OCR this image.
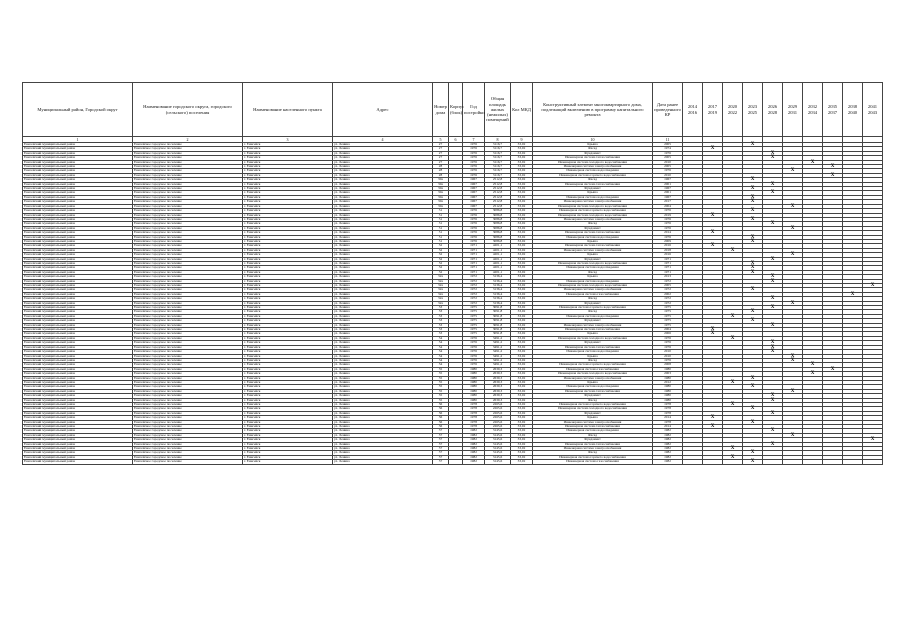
Муниципальный район, Городской округ	Наименование городского округа, городского (сельского) поселения	Наименование населенного пункта	Адрес	Номер дома	Корпус (блок)	Год постройки	Общая площадь жилых (нежилых) помещений	Кол МКД	Конструктивный элемент многоквартирного дома, подлежащий включению в программу капитального ремонта	Дата ранее проведенного КР	2014 2016	2017 2019	2020 2022	2023 2025	2026 2028	2029 2031	2032 2034	2035 2037	2038 2040	2041 2043
1	2	3	4	5	6	7	8	9	10	11										
Енисейский муниципальный район	Енисейское городское поселение	г. Енисейск	ул. Ленина	27		1976	3116,7	33,02	Крыша	2005				X						
Енисейский муниципальный район	Енисейское городское поселение	г. Енисейск	ул. Ленина	27		1976	3116,7	33,02	Фасад	1974		X								
Енисейский муниципальный район	Енисейское городское поселение	г. Енисейск	ул. Ленина	27		1976	3116,7	33,02	Фундамент	1976					X					
Енисейский муниципальный район	Енисейское городское поселение	г. Енисейск	ул. Ленина	27		1976	3116,7	33,02	Инженерная система теплоснабжения	2005					X					
Енисейский муниципальный район	Енисейское городское поселение	г. Енисейск	ул. Ленина	27		1976	3116,7	33,02	Инженерная система холодного водоснабжения	2010							X			
Енисейский муниципальный район	Енисейское городское поселение	г. Енисейск	ул. Ленина	28		1976	3116,7	33,02	Инженерная система электроснабжения	2005								X		
Енисейский муниципальный район	Енисейское городское поселение	г. Енисейск	ул. Ленина	28		1976	3116,7	33,02	Инженерная система водоотведения	1976						X				
Енисейский муниципальный район	Енисейское городское поселение	г. Енисейск	ул. Ленина	28		1976	3116,7	33,02	Инженерная система горячего водоснабжения	2010								X		
Енисейский муниципальный район	Енисейское городское поселение	г. Енисейск	ул. Ленина	30а		1967	2512,8	33,02	Фасад	1967				X						
Енисейский муниципальный район	Енисейское городское поселение	г. Енисейск	ул. Ленина	30а		1967	2512,8	33,02	Инженерная система теплоснабжения	2001					X					
Енисейский муниципальный район	Енисейское городское поселение	г. Енисейск	ул. Ленина	30а		1967	2512,8	33,02	Фундамент	1967				X						
Енисейский муниципальный район	Енисейское городское поселение	г. Енисейск	ул. Ленина	30а		1967	2512,8	33,02	Крыша	2001					X					
Енисейский муниципальный район	Енисейское городское поселение	г. Енисейск	ул. Ленина	30а		1967	2512,8	33,02	Инженерная система водоотведения	1967				X						
Енисейский муниципальный район	Енисейское городское поселение	г. Енисейск	ул. Ленина	30а		1967	2512,8	33,02	Инженерная система электроснабжения	2017				X						
Енисейский муниципальный район	Енисейское городское поселение	г. Енисейск	ул. Ленина	30а		1967	2512,8	33,02	Инженерная система холодного водоснабжения	2004						X				
Енисейский муниципальный район	Енисейское городское поселение	г. Енисейск	ул. Ленина	31		1976	3086,8	33,02	Инженерная система горячего водоснабжения	1976				X						
Енисейский муниципальный район	Енисейское городское поселение	г. Енисейск	ул. Ленина	31		1976	3086,8	33,02	Инженерная система холодного водоснабжения	2019		X								
Енисейский муниципальный район	Енисейское городское поселение	г. Енисейск	ул. Ленина	31		1976	3086,8	33,02	Инженерная система электроснабжения	1976				X						
Енисейский муниципальный район	Енисейское городское поселение	г. Енисейск	ул. Ленина	31		1976	3086,8	33,02	Фасад	1976					X					
Енисейский муниципальный район	Енисейское городское поселение	г. Енисейск	ул. Ленина	31		1976	3086,8	33,02	Фундамент	1976						X				
Енисейский муниципальный район	Енисейское городское поселение	г. Енисейск	ул. Ленина	31		1976	3086,8	33,02	Инженерная система теплоснабжения	2014		X								
Енисейский муниципальный район	Енисейское городское поселение	г. Енисейск	ул. Ленина	31		1976	3086,8	33,02	Инженерная система водоотведения	1976				X						
Енисейский муниципальный район	Енисейское городское поселение	г. Енисейск	ул. Ленина	31		1976	3086,8	33,02	Крыша	2009				X						
Енисейский муниципальный район	Енисейское городское поселение	г. Енисейск	ул. Ленина	32		1971	4201,1	33,02	Инженерная система теплоснабжения	2016		X								
Енисейский муниципальный район	Енисейское городское поселение	г. Енисейск	ул. Ленина	32		1971	4201,1	33,02	Инженерная система электроснабжения	2018			X							
Енисейский муниципальный район	Енисейское городское поселение	г. Енисейск	ул. Ленина	32		1971	4201,1	33,02	Крыша	2016						X				
Енисейский муниципальный район	Енисейское городское поселение	г. Енисейск	ул. Ленина	32		1971	4201,1	33,02	Фундамент	1971					X					
Енисейский муниципальный район	Енисейское городское поселение	г. Енисейск	ул. Ленина	32		1971	4201,1	33,02	Инженерная система холодного водоснабжения	1971				X						
Енисейский муниципальный район	Енисейское городское поселение	г. Енисейск	ул. Ленина	32		1971	4201,1	33,02	Инженерная система водоотведения	1971				X						
Енисейский муниципальный район	Енисейское городское поселение	г. Енисейск	ул. Ленина	32		1971	4201,1	33,02	Фасад	1971				X						
Енисейский муниципальный район	Енисейское городское поселение	г. Енисейск	ул. Ленина	32а		1972	3136,4	33,02	Крыша	2013					X					
Енисейский муниципальный район	Енисейское городское поселение	г. Енисейск	ул. Ленина	32а		1972	3136,4	33,02	Инженерная система водоотведения	1972					X					
Енисейский муниципальный район	Енисейское городское поселение	г. Енисейск	ул. Ленина	32а		1972	3136,4	33,02	Инженерная система холодного водоснабжения	2005										X
Енисейский муниципальный район	Енисейское городское поселение	г. Енисейск	ул. Ленина	32а		1972	3136,4	33,02	Инженерная система электроснабжения	1972				X						
Енисейский муниципальный район	Енисейское городское поселение	г. Енисейск	ул. Ленина	32а		1972	3136,4	33,02	Инженерная система газоснабжения	2002									X	
Енисейский муниципальный район	Енисейское городское поселение	г. Енисейск	ул. Ленина	32а		1972	3136,4	33,02	Фасад	1972					X					
Енисейский муниципальный район	Енисейское городское поселение	г. Енисейск	ул. Ленина	32а		1972	3136,4	33,02	Фундамент	1972						X				
Енисейский муниципальный район	Енисейское городское поселение	г. Енисейск	ул. Ленина	33		1975	3091,8	33,02	Инженерная система горячего водоснабжения	1975					X					
Енисейский муниципальный район	Енисейское городское поселение	г. Енисейск	ул. Ленина	33		1975	3091,8	33,02	Фасад	1975				X						
Енисейский муниципальный район	Енисейское городское поселение	г. Енисейск	ул. Ленина	33		1975	3091,8	33,02	Инженерная система водоотведения	1975			X							
Енисейский муниципальный район	Енисейское городское поселение	г. Енисейск	ул. Ленина	33		1975	3091,8	33,02	Фундамент	1975				X						
Енисейский муниципальный район	Енисейское городское поселение	г. Енисейск	ул. Ленина	33		1975	3091,8	33,02	Инженерная система электроснабжения	1975					X					
Енисейский муниципальный район	Енисейское городское поселение	г. Енисейск	ул. Ленина	33		1975	3091,8	33,02	Инженерная система теплоснабжения	2004		X								
Енисейский муниципальный район	Енисейское городское поселение	г. Енисейск	ул. Ленина	33		1975	3091,8	33,02	Крыша	2006		X								
Енисейский муниципальный район	Енисейское городское поселение	г. Енисейск	ул. Ленина	34		1976	3491,2	33,02	Инженерная система холодного водоснабжения	1976			X							
Енисейский муниципальный район	Енисейское городское поселение	г. Енисейск	ул. Ленина	34		1976	3491,2	33,02	Фундамент	1976					X					
Енисейский муниципальный район	Енисейское городское поселение	г. Енисейск	ул. Ленина	34		1976	3491,2	33,02	Инженерная система теплоснабжения	1976					X					
Енисейский муниципальный район	Енисейское городское поселение	г. Енисейск	ул. Ленина	34		1976	3491,2	33,02	Инженерная система водоотведения	2010					X					
Енисейский муниципальный район	Енисейское городское поселение	г. Енисейск	ул. Ленина	34		1976	3491,2	33,02	Крыша	2010						X				
Енисейский муниципальный район	Енисейское городское поселение	г. Енисейск	ул. Ленина	34		1976	3491,2	33,02	Фасад	1976						X				
Енисейский муниципальный район	Енисейское городское поселение	г. Енисейск	ул. Ленина	34		1976	3491,2	33,02	Инженерная система горячего водоснабжения	2008							X			
Енисейский муниципальный район	Енисейское городское поселение	г. Енисейск	ул. Ленина	35		1980	2639,3	33,02	Инженерная система газоснабжения	1980								X		
Енисейский муниципальный район	Енисейское городское поселение	г. Енисейск	ул. Ленина	35		1980	2639,3	33,02	Инженерная система холодного водоснабжения	2003							X			
Енисейский муниципальный район	Енисейское городское поселение	г. Енисейск	ул. Ленина	35		1980	2639,3	33,02	Инженерная система электроснабжения	1980				X						
Енисейский муниципальный район	Енисейское городское поселение	г. Енисейск	ул. Ленина	35		1980	2639,3	33,02	Крыша	2012			X							
Енисейский муниципальный район	Енисейское городское поселение	г. Енисейск	ул. Ленина	35		1980	2639,3	33,02	Инженерная система водоотведения	1980				X						
Енисейский муниципальный район	Енисейское городское поселение	г. Енисейск	ул. Ленина	35		1980	2639,3	33,02	Инженерная система теплоснабжения	1980						X				
Енисейский муниципальный район	Енисейское городское поселение	г. Енисейск	ул. Ленина	35		1980	2639,3	33,02	Фундамент	1980					X					
Енисейский муниципальный район	Енисейское городское поселение	г. Енисейск	ул. Ленина	35		1980	2639,3	33,02	Фасад	1980					X					
Енисейский муниципальный район	Енисейское городское поселение	г. Енисейск	ул. Ленина	36		1978	2265,6	33,02	Инженерная система горячего водоснабжения	1978			X							
Енисейский муниципальный район	Енисейское городское поселение	г. Енисейск	ул. Ленина	36		1978	2265,6	33,02	Инженерная система холодного водоснабжения	1978				X						
Енисейский муниципальный район	Енисейское городское поселение	г. Енисейск	ул. Ленина	36		1978	2265,6	33,02	Фундамент	1978					X					
Енисейский муниципальный район	Енисейское городское поселение	г. Енисейск	ул. Ленина	36		1978	2265,6	33,02	Крыша	2014		X								
Енисейский муниципальный район	Енисейское городское поселение	г. Енисейск	ул. Ленина	36		1978	2265,6	33,02	Инженерная система электроснабжения	1978				X						
Енисейский муниципальный район	Енисейское городское поселение	г. Енисейск	ул. Ленина	36		1978	2265,6	33,02	Инженерная система теплоснабжения	2014		X								
Енисейский муниципальный район	Енисейское городское поселение	г. Енисейск	ул. Ленина	37		1982	3145,6	33,02	Инженерная система водоотведения	1982					X					
Енисейский муниципальный район	Енисейское городское поселение	г. Енисейск	ул. Ленина	37		1982	3145,6	33,02	Фасад	1982						X				
Енисейский муниципальный район	Енисейское городское поселение	г. Енисейск	ул. Ленина	37		1982	3145,6	33,02	Фундамент	1982										X
Енисейский муниципальный район	Енисейское городское поселение	г. Енисейск	ул. Ленина	37		1982	3145,6	33,02	Инженерная система теплоснабжения	1982					X					
Енисейский муниципальный район	Енисейское городское поселение	г. Енисейск	ул. Ленина	37		1982	3145,6	33,02	Инженерная система электроснабжения	1982			X							
Енисейский муниципальный район	Енисейское городское поселение	г. Енисейск	ул. Ленина	37		1982	3145,6	33,02	Фасад	1982				X						
Енисейский муниципальный район	Енисейское городское поселение	г. Енисейск	ул. Ленина	37		1982	3145,6	33,02	Инженерная система горячего водоснабжения	1982			X							
Енисейский муниципальный район	Енисейское городское поселение	г. Енисейск	ул. Ленина	37		1982	3145,6	33,02	Инженерная система газоснабжения	1982				X						
